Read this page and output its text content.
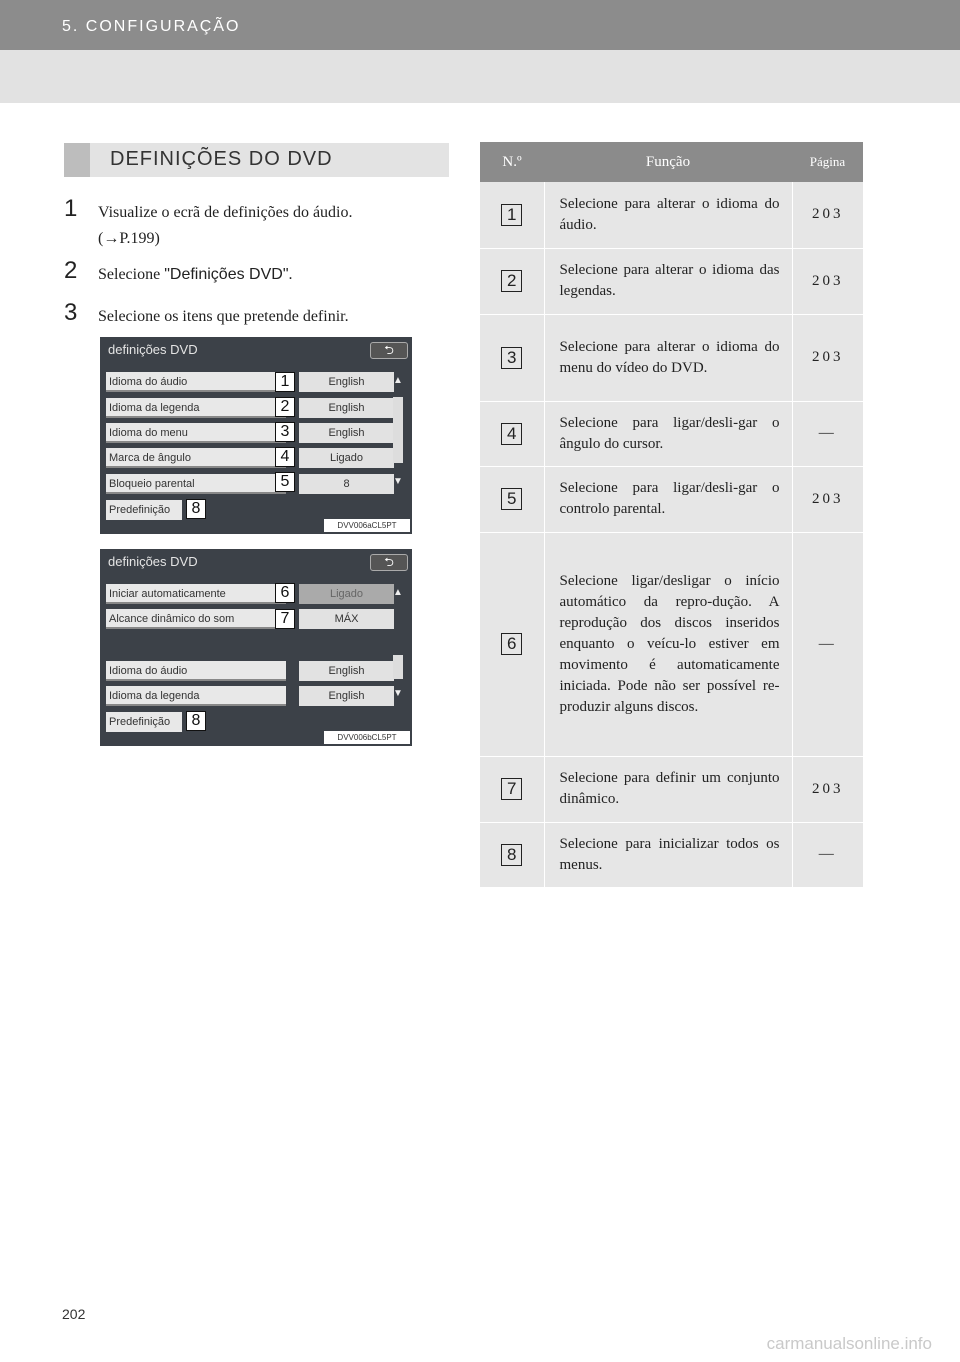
5. CONFIGURAÇÃO
DEFINIÇÕES DO DVD
1 Visualize o ecrã de definições do áudio.
(→P.199)
2 Selecione "Definições DVD".
3 Selecione os itens que pretende definir.
definições DVD	⮌
Idioma do áudio	English
Idioma da legenda	English
Idioma do menu	English
Marca de ângulo	Ligado
Bloqueio parental	8
Predefinição
▲
▼
DVV006aCL5PT
1
2
3
4
5
8
definições DVD	⮌
Iniciar automaticamente	Ligado
Alcance dinâmico do som	MÁX
Idioma do áudio	English
Idioma da legenda	English
Predefinição
▲
▼
DVV006bCL5PT
6
7
8
N.º	Função	Página
1	Selecione para alterar o idioma do áudio.	203
2	Selecione para alterar o idioma das legendas.	203
3	Selecione para alterar o idioma do menu do vídeo do DVD.	203
4	Selecione para ligar/desli-gar o ângulo do cursor.	—
5	Selecione para ligar/desli-gar o controlo parental.	203
6	Selecione ligar/desligar o início automático da repro-dução. A reprodução dos discos inseridos enquanto o veícu-lo estiver em movimento é automaticamente iniciada. Pode não ser possível re-produzir alguns discos.	—
7	Selecione para definir um conjunto dinâmico.	203
8	Selecione para inicializar todos os menus.	—
202
carmanualsonline.info
